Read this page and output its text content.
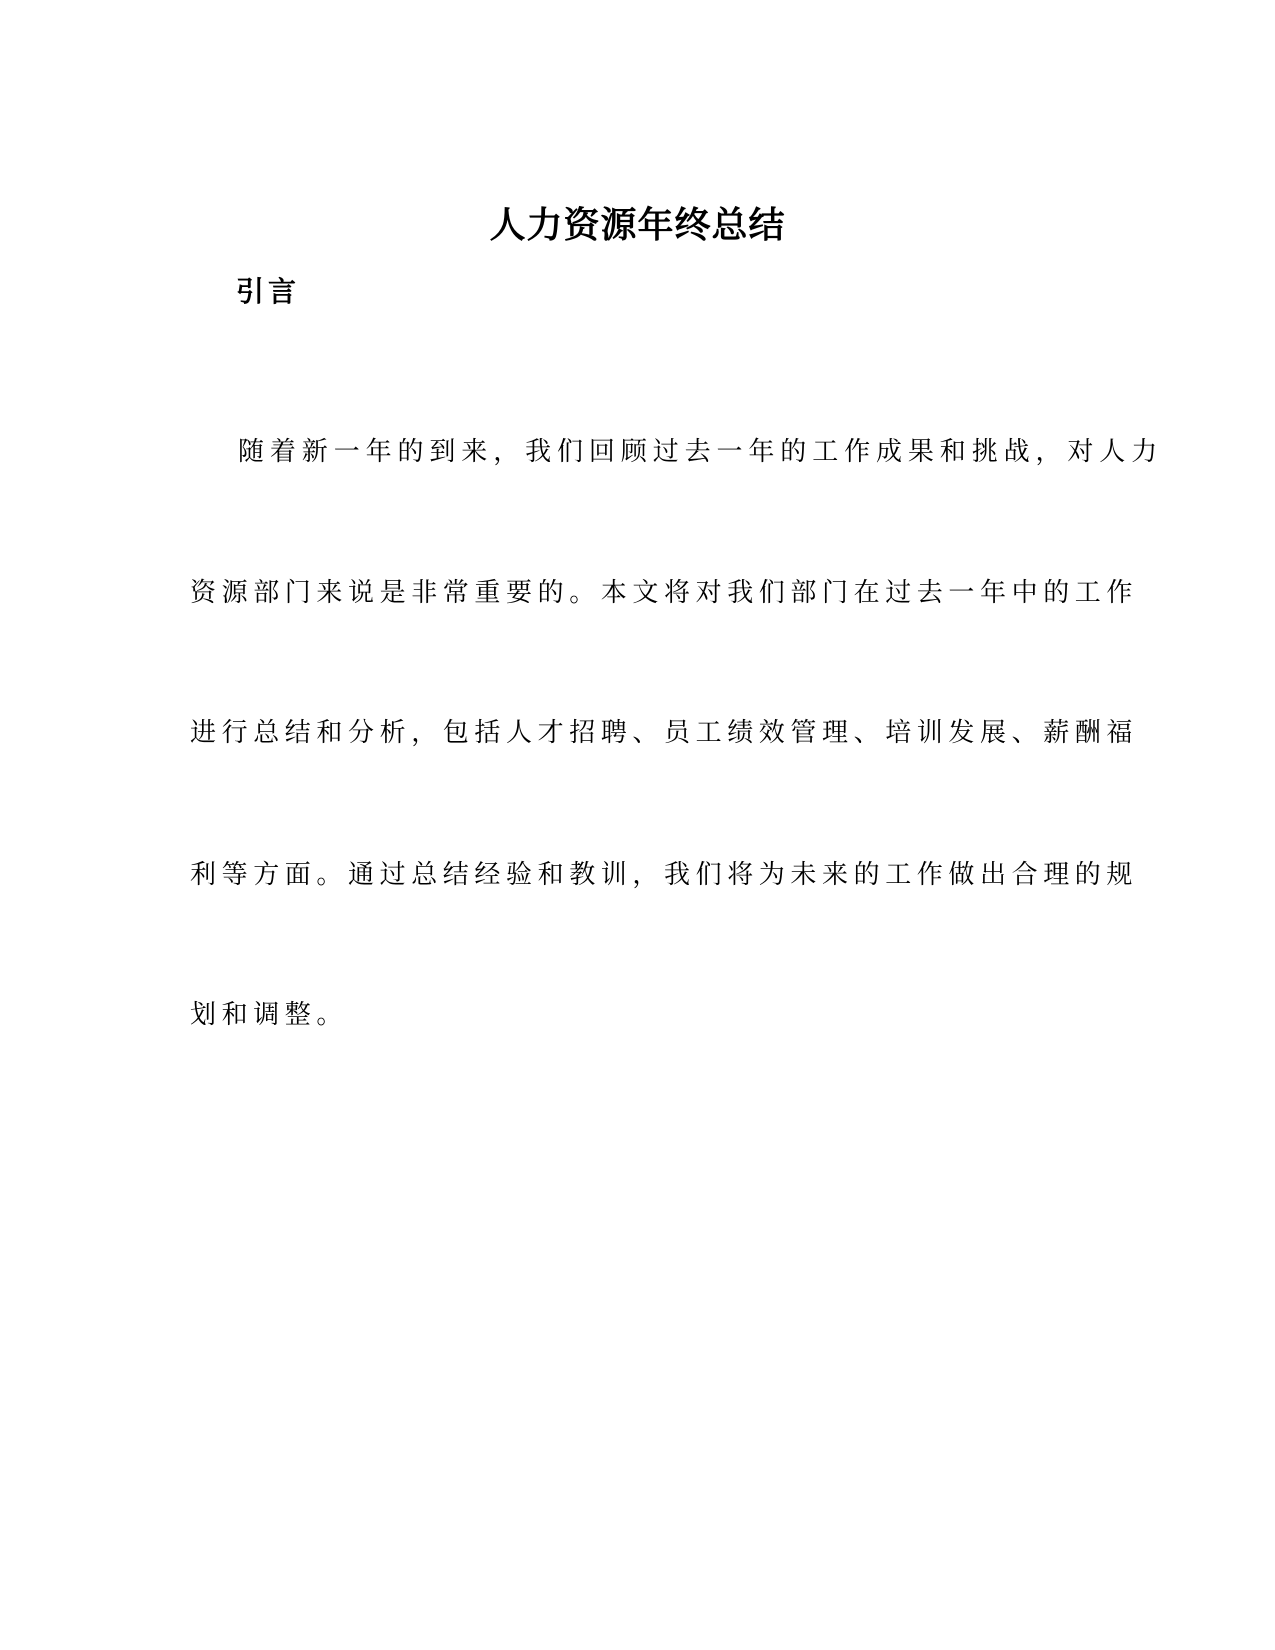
人力资源年终总结
引言
随着新一年的到来，我们回顾过去一年的工作成果和挑战，对人力
资源部门来说是非常重要的。本文将对我们部门在过去一年中的工作
进行总结和分析，包括人才招聘、员工绩效管理、培训发展、薪酬福
利等方面。通过总结经验和教训，我们将为未来的工作做出合理的规
划和调整。
